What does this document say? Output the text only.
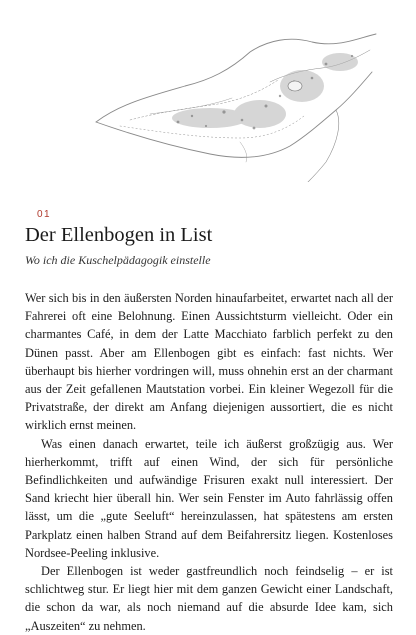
01
Der Ellenbogen in List

Wo ich die Kuschelpädagogik einstelle

Wer sich bis in den äußersten Norden hinaufarbeitet, erwartet nach all der Fahrerei oft eine Belohnung. Einen Aussichtsturm vielleicht. Oder ein charmantes Café, in dem der Latte Macchiato farblich perfekt zu den Dünen passt. Aber am Ellenbogen gibt es einfach: fast nichts. Wer überhaupt bis hierher vordringen will, muss ohnehin erst an der charmant aus der Zeit gefallenen Mautstation vorbei. Ein kleiner Wegezoll für die Privatstraße, der direkt am Anfang diejenigen aussortiert, die es nicht wirklich ernst meinen.

Was einen danach erwartet, teile ich äußerst großzügig aus. Wer hierherkommt, trifft auf einen Wind, der sich für persönliche Befindlichkeiten und aufwändige Frisuren exakt null interessiert. Der Sand kriecht hier überall hin. Wer sein Fenster im Auto fahrlässig offen lässt, um die „gute Seeluft“ hereinzulassen, hat spätestens am ersten Parkplatz einen halben Strand auf dem Beifahrersitz liegen. Kostenloses Nordsee-Peeling inklusive.

Der Ellenbogen ist weder gastfreundlich noch feindselig – er ist schlichtweg stur. Er liegt hier mit dem ganzen Gewicht einer Landschaft, die schon da war, als noch niemand auf die absurde Idee kam, sich „Auszeiten“ zu nehmen.
